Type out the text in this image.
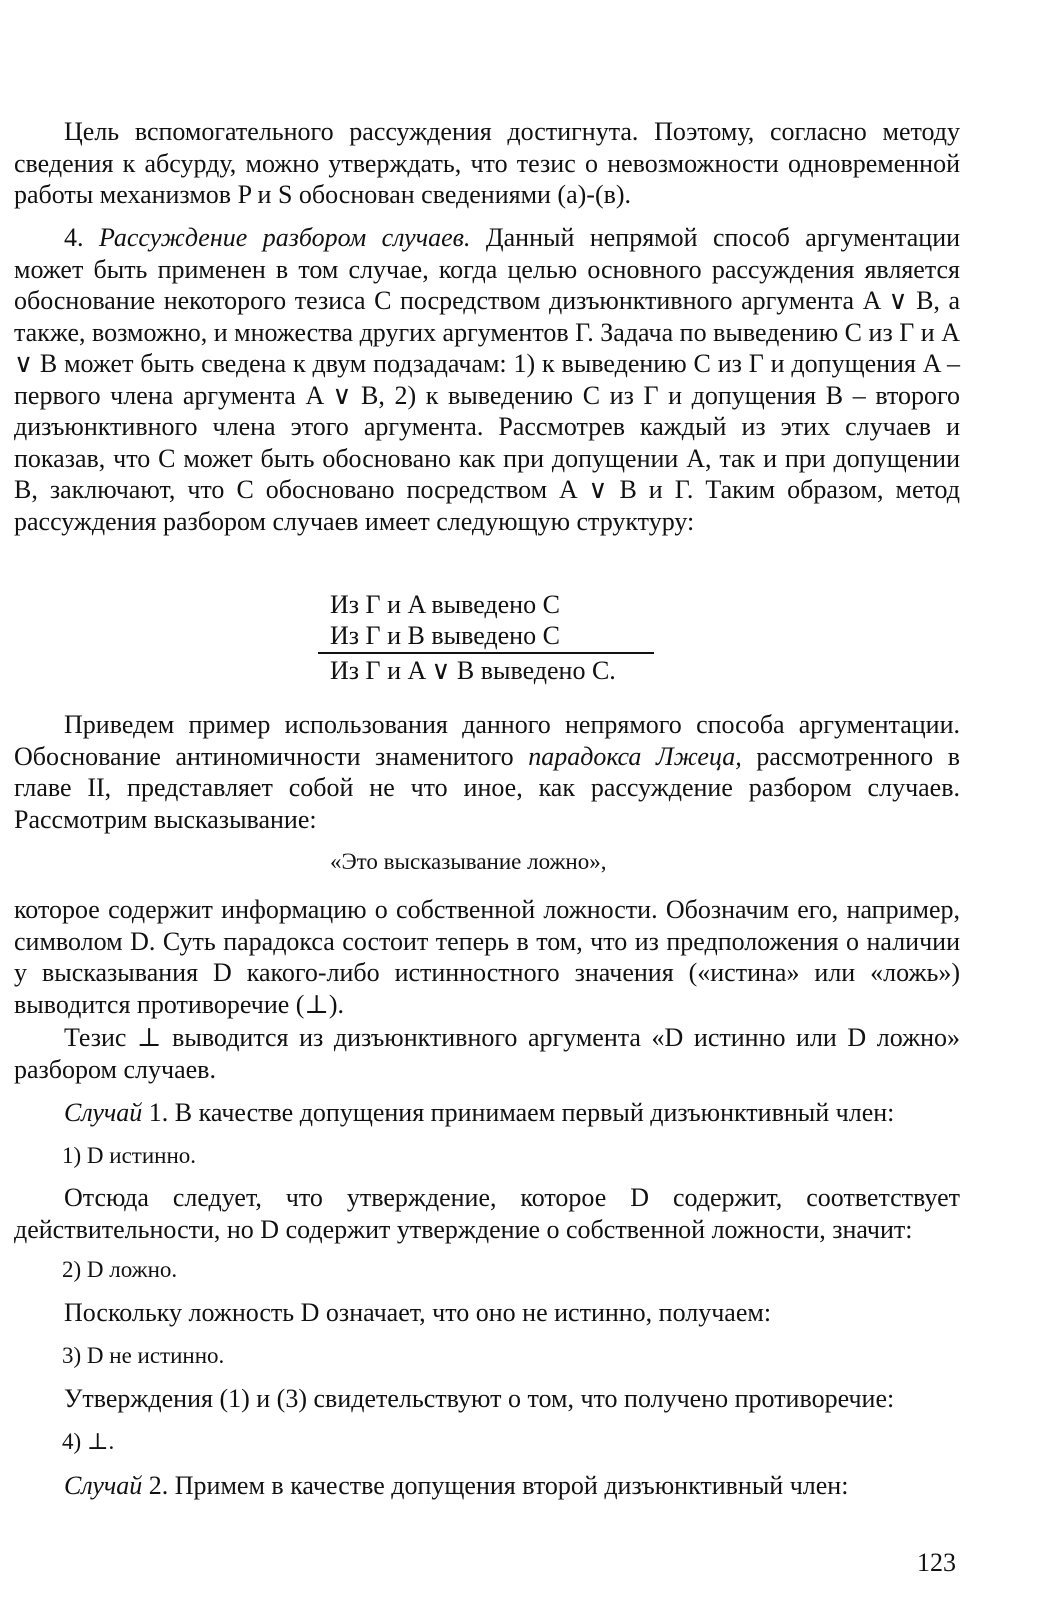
Цель вспомогательного рассуждения достигнута. Поэтому, согласно методу сведения к абсурду, можно утверждать, что тезис о невозможности одновременной работы механизмов P и S обоснован сведениями (а)-(в).

4. Рассуждение разбором случаев. Данный непрямой способ аргументации может быть применен в том случае, когда целью основного рассуждения является обоснование некоторого тезиса C посредством дизъюнктивного аргумента A ∨ B, а также, возможно, и множества других аргументов Г. Задача по выведению C из Г и A ∨ B может быть сведена к двум подзадачам: 1) к выведению C из Г и допущения A – первого члена аргумента A ∨ B, 2) к выведению C из Г и допущения B – второго дизъюнктивного члена этого аргумента. Рассмотрев каждый из этих случаев и показав, что C может быть обосновано как при допущении A, так и при допущении B, заключают, что C обосновано посредством A ∨ B и Г. Таким образом, метод рассуждения разбором случаев имеет следующую структуру:

Из Г и A выведено C

Из Г и B выведено C

Из Г и A ∨ B выведено C.

Приведем пример использования данного непрямого способа аргументации. Обоснование антиномичности знаменитого парадокса Лжеца, рассмотренного в главе II, представляет собой не что иное, как рассуждение разбором случаев. Рассмотрим высказывание:

«Это высказывание ложно»,

которое содержит информацию о собственной ложности. Обозначим его, например, символом D. Суть парадокса состоит теперь в том, что из предположения о наличии у высказывания D какого-либо истинностного значения («истина» или «ложь») выводится противоречие (⊥).

Тезис ⊥ выводится из дизъюнктивного аргумента «D истинно или D ложно» разбором случаев.

Случай 1. В качестве допущения принимаем первый дизъюнктивный член:

1) D истинно.

Отсюда следует, что утверждение, которое D содержит, соответствует действительности, но D содержит утверждение о собственной ложности, значит:

2) D ложно.

Поскольку ложность D означает, что оно не истинно, получаем:

3) D не истинно.

Утверждения (1) и (3) свидетельствуют о том, что получено противоречие:

4) ⊥.

Случай 2. Примем в качестве допущения второй дизъюнктивный член:

123
